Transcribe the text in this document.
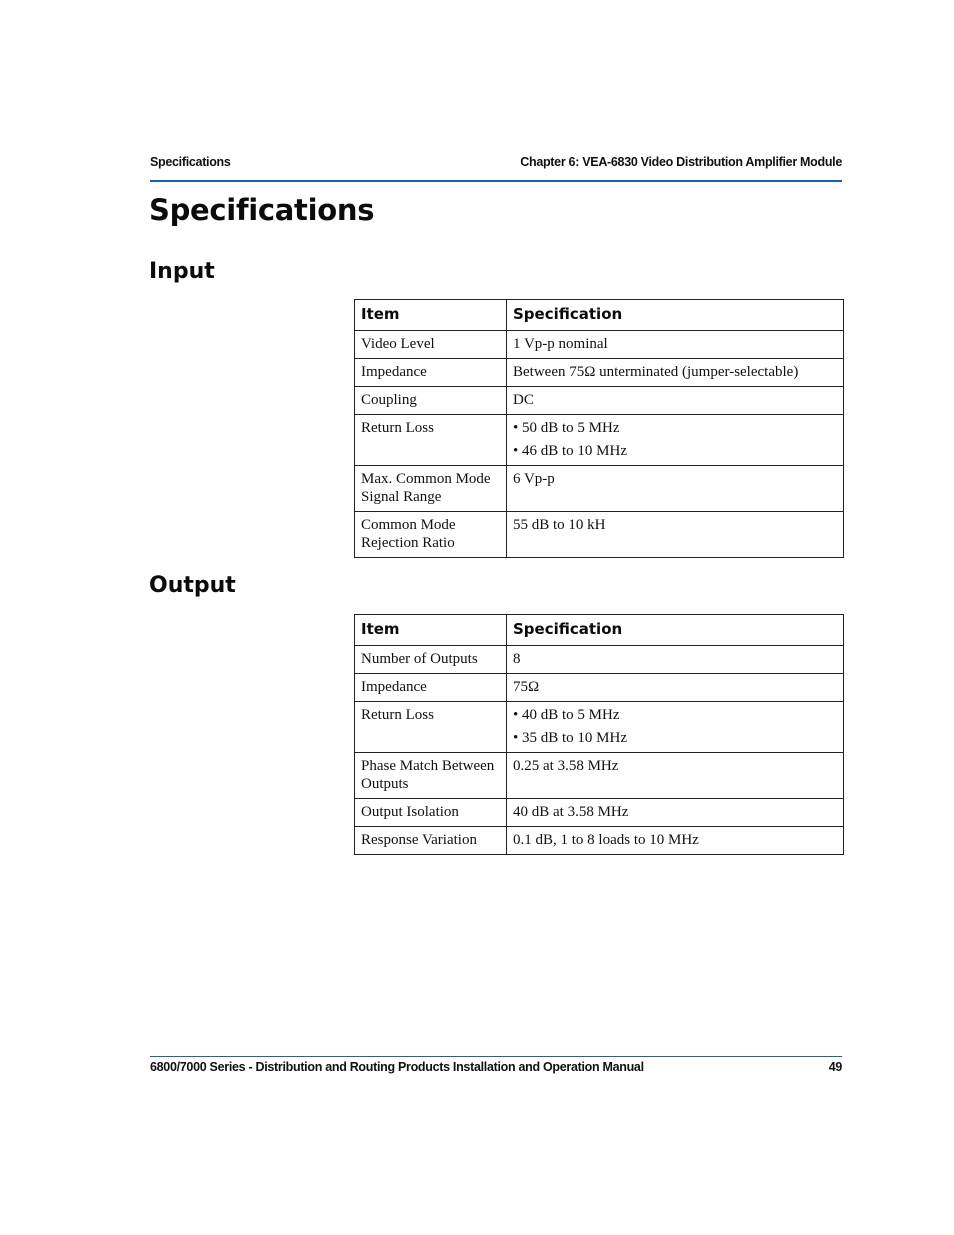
Specifications	Chapter 6: VEA-6830 Video Distribution Amplifier Module
Specifications
Input
Item	Specification
Video Level	1 Vp-p nominal

Impedance	Between 75Ω unterminated (jumper-selectable)

Coupling	DC

Return Loss	• 50 dB to 5 MHz
• 46 dB to 10 MHz

Max. Common Mode Signal Range	6 Vp-p

Common Mode Rejection Ratio	55 dB to 10 kH
Output
Item	Specification
Number of Outputs	8

Impedance	75Ω

Return Loss	• 40 dB to 5 MHz
• 35 dB to 10 MHz

Phase Match Between Outputs	0.25 at 3.58 MHz

Output Isolation	40 dB at 3.58 MHz

Response Variation	0.1 dB, 1 to 8 loads to 10 MHz
6800/7000 Series - Distribution and Routing Products Installation and Operation Manual	49
